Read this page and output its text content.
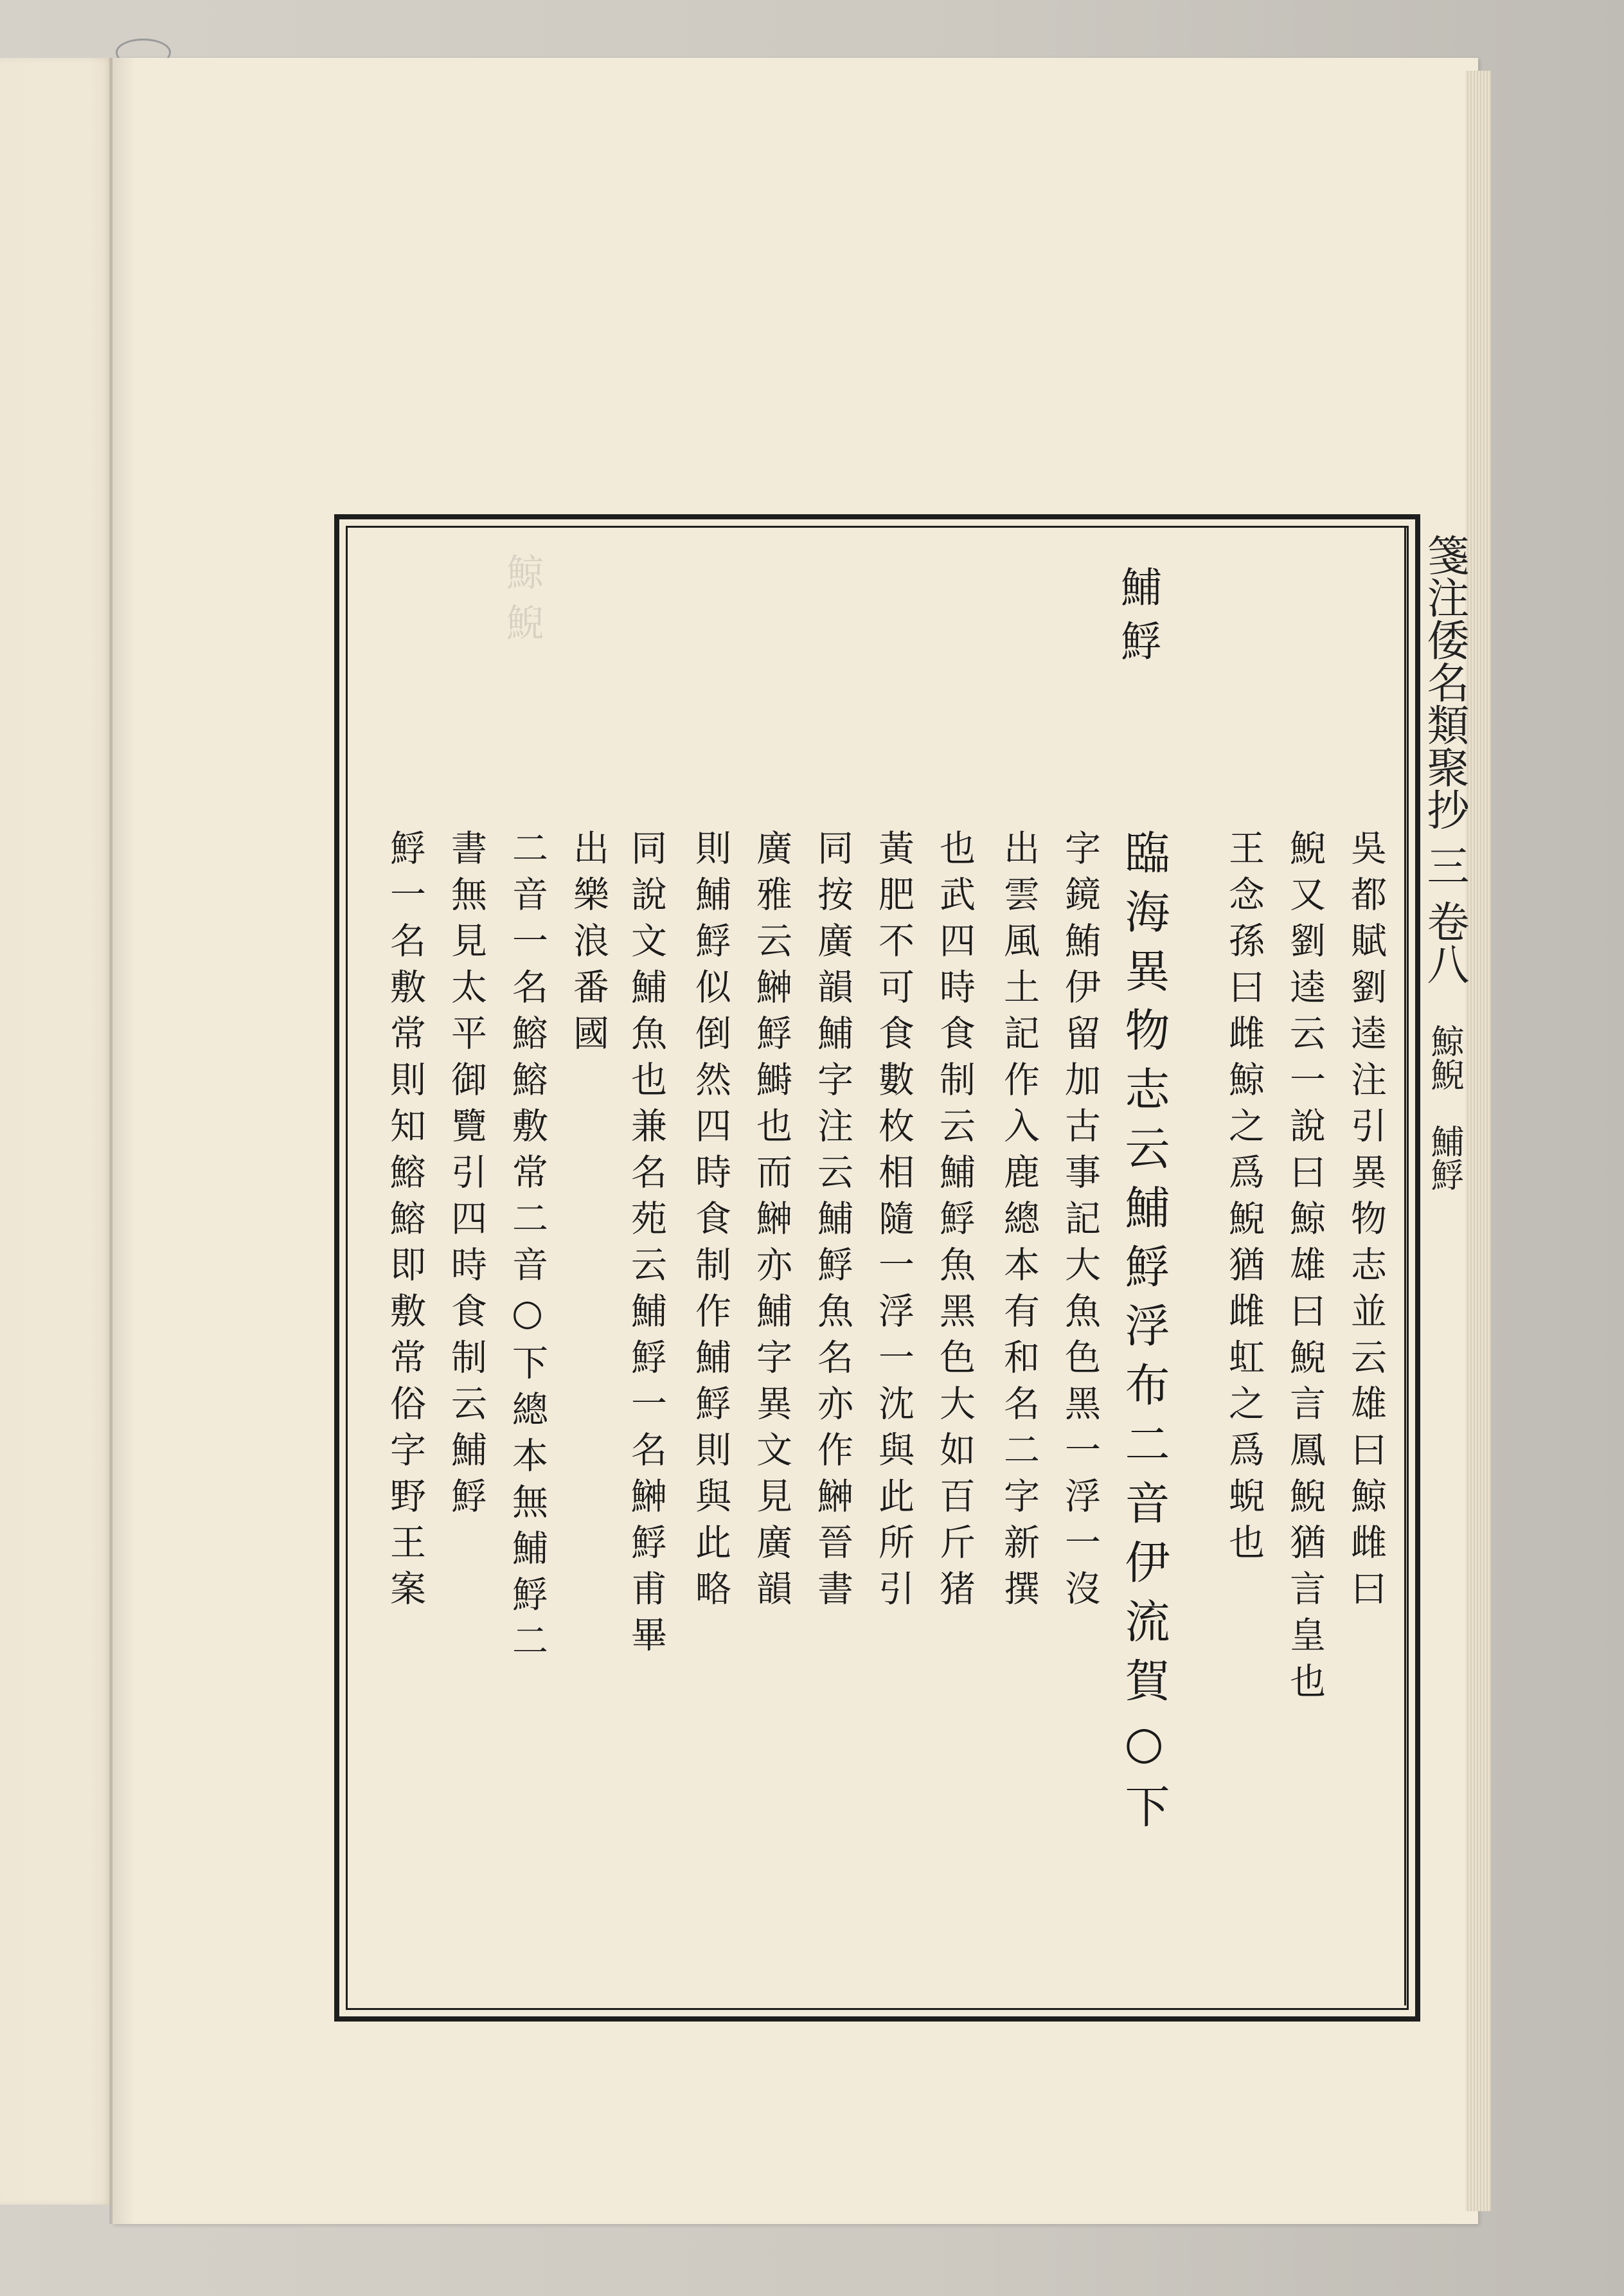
鯨鯢	箋注倭名類聚抄 三 卷八 鯨鯢　鯆䱐
鯆䱐
吳都賦劉逵注引異物志並云雄曰鯨雌曰
鯢又劉逵云一說曰鯨雄曰鯢言鳳鯢猶言皇也
王念孫曰雌鯨之爲鯢猶雌虹之爲蜺也
臨海異物志云鯆䱐浮布二音伊流賀○下
字鏡鮪伊留加古事記大魚色黑一浮一沒
出雲風土記作入鹿總本有和名二字新撰
也武四時食制云鯆䱐魚黑色大如百斤猪
黃肥不可食數枚相隨一浮一沈與此所引
同按廣韻鯆字注云鯆䱐魚名亦作鰰晉書
廣雅云鰰䱐鰣也而鰰亦鯆字異文見廣韻
則鯆䱐似倒然四時食制作鯆䱐則與此略
同說文鯆魚也兼名苑云鯆䱐一名鰰䱐甫畢
出樂浪番國
二音一名鰫鰫敷常二音○下總本無鯆䱐二
書無見太平御覽引四時食制云鯆䱐
䱐一名敷常則知鰫鰫即敷常俗字野王案
